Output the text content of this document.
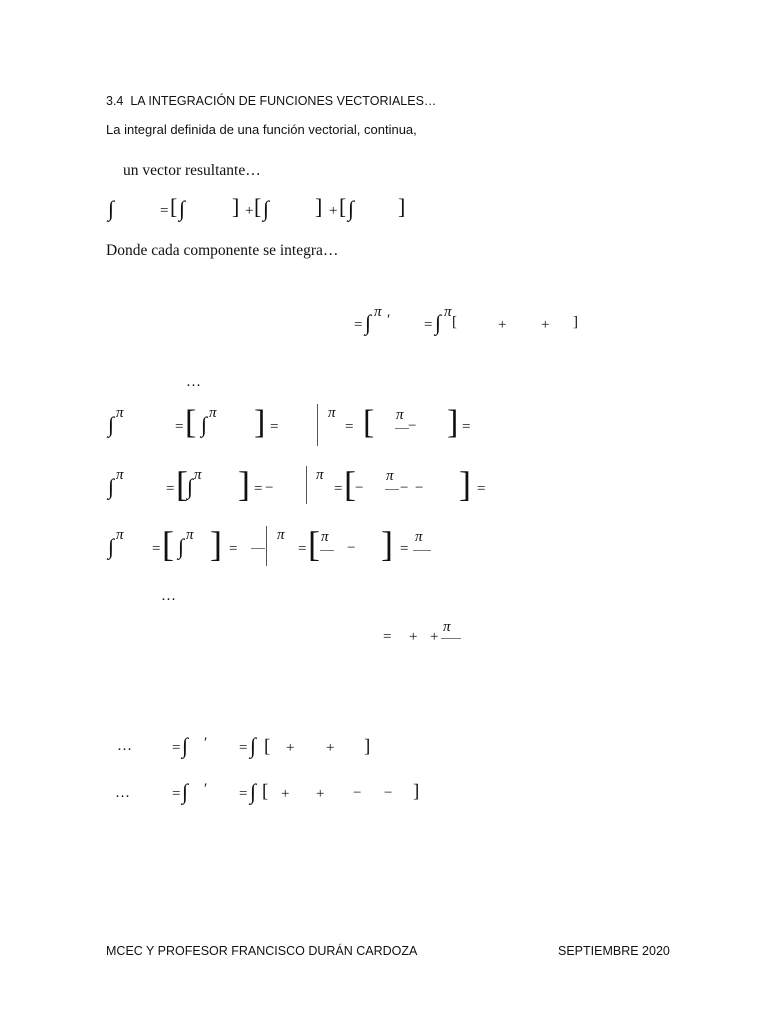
3.4  LA INTEGRACIÓN DE FUNCIONES VECTORIALES…
La integral definida de una función vectorial, continua,
un vector resultante…
∫	= [ ∫ ] + [ ∫ ] + [ ∫ ]
Donde cada componente se integra…
= ∫ π ′ = ∫ π
[	+ + ]
…
∫ π
= [ ∫ π ] =
π
= [ π
− ] =
∫ π
= [ ∫ π ] = −
π
= [ −
π
− − ] =
∫ π
= [ ∫ π ] =
π
= [ π
− ] =
π
…
= + +
π
…	= ∫ ′ = ∫ [ + + ]
…	= ∫ ′ = ∫ [ + + − − ]
MCEC Y PROFESOR FRANCISCO DURÁN CARDOZA	SEPTIEMBRE 2020
